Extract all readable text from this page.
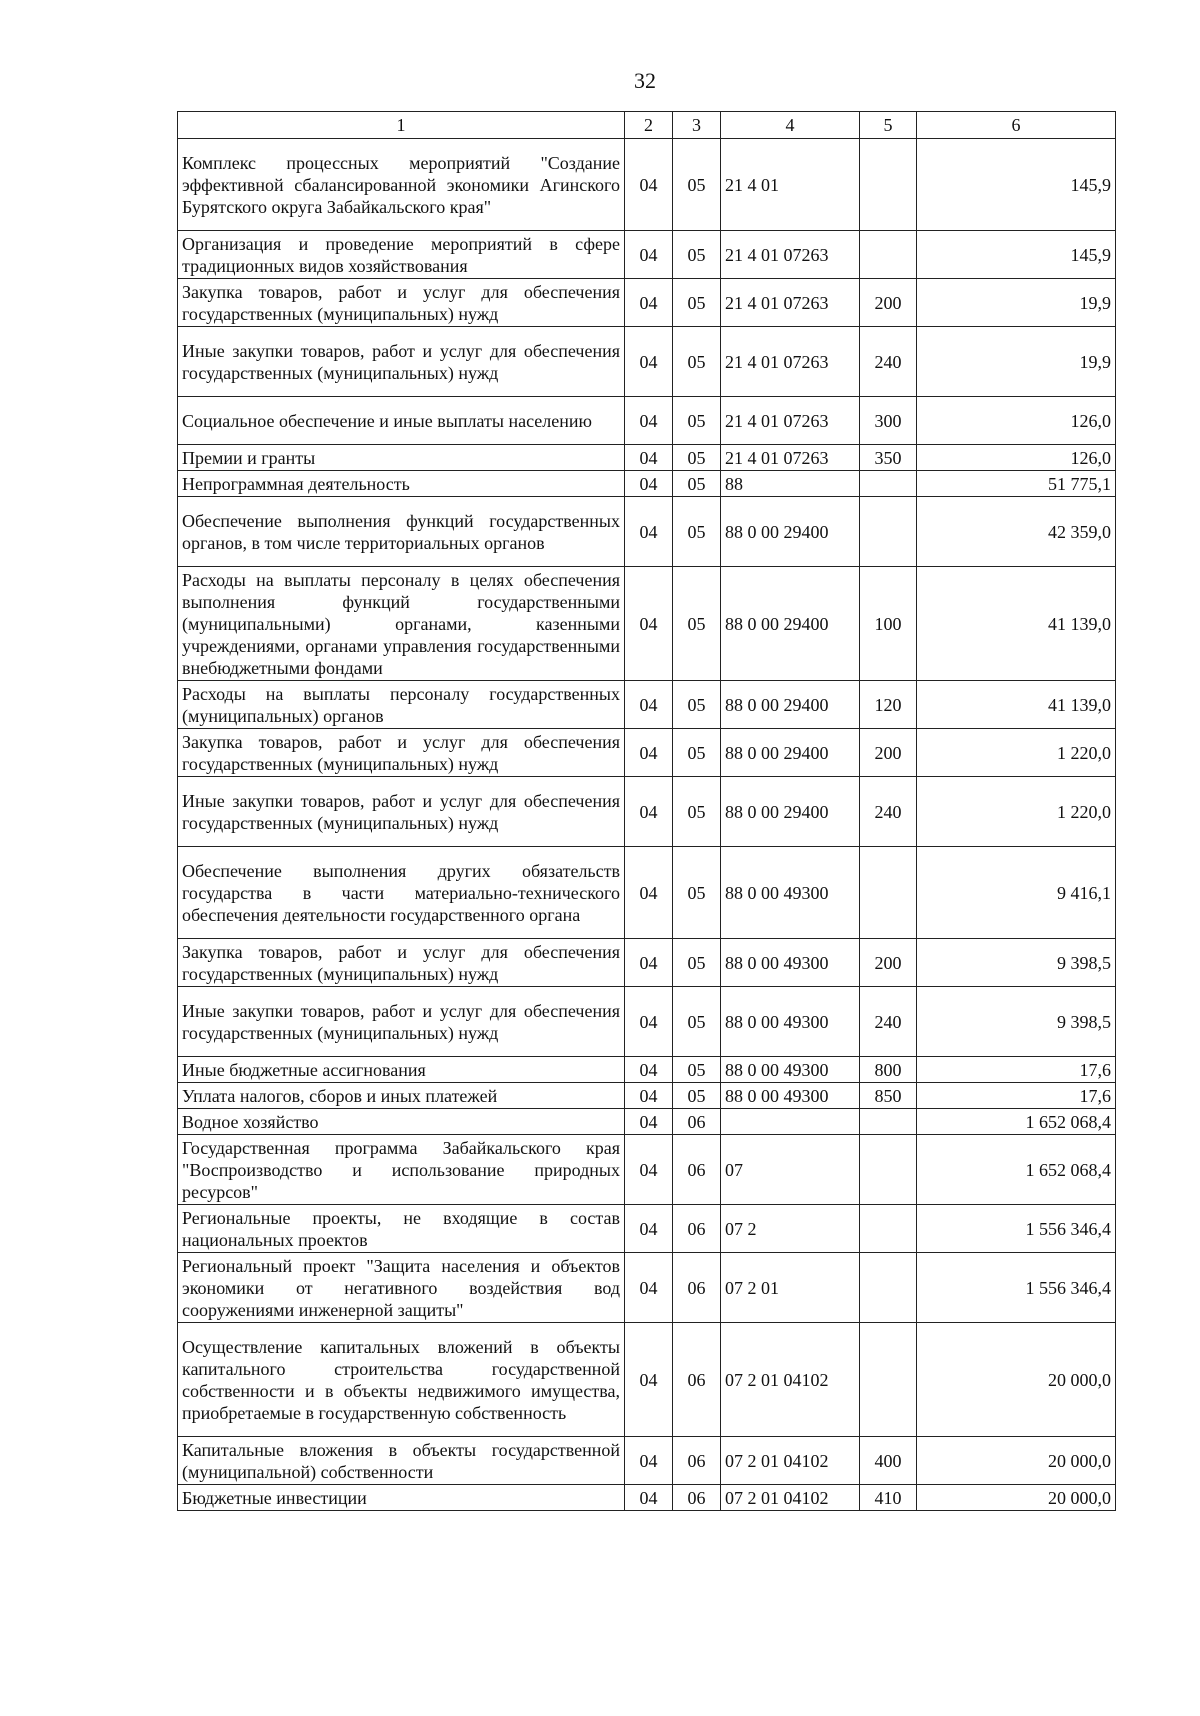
32
1	2	3	4	5	6
Комплекс процессных мероприятий "Создание эффективной сбалансированной экономики Агинского Бурятского округа Забайкальского края"	04	05	21 4 01		145,9
Организация и проведение мероприятий в сфере традиционных видов хозяйствования	04	05	21 4 01 07263		145,9
Закупка товаров, работ и услуг для обеспечения государственных (муниципальных) нужд	04	05	21 4 01 07263	200	19,9
Иные закупки товаров, работ и услуг для обеспечения государственных (муниципальных) нужд	04	05	21 4 01 07263	240	19,9
Социальное обеспечение и иные выплаты населению	04	05	21 4 01 07263	300	126,0
Премии и гранты	04	05	21 4 01 07263	350	126,0
Непрограммная деятельность	04	05	88		51 775,1
Обеспечение выполнения функций государственных органов, в том числе территориальных органов	04	05	88 0 00 29400		42 359,0
Расходы на выплаты персоналу в целях обеспечения выполнения функций государственными (муниципальными) органами, казенными учреждениями, органами управления государственными внебюджетными фондами	04	05	88 0 00 29400	100	41 139,0
Расходы на выплаты персоналу государственных (муниципальных) органов	04	05	88 0 00 29400	120	41 139,0
Закупка товаров, работ и услуг для обеспечения государственных (муниципальных) нужд	04	05	88 0 00 29400	200	1 220,0
Иные закупки товаров, работ и услуг для обеспечения государственных (муниципальных) нужд	04	05	88 0 00 29400	240	1 220,0
Обеспечение выполнения других обязательств государства в части материально-технического обеспечения деятельности государственного органа	04	05	88 0 00 49300		9 416,1
Закупка товаров, работ и услуг для обеспечения государственных (муниципальных) нужд	04	05	88 0 00 49300	200	9 398,5
Иные закупки товаров, работ и услуг для обеспечения государственных (муниципальных) нужд	04	05	88 0 00 49300	240	9 398,5
Иные бюджетные ассигнования	04	05	88 0 00 49300	800	17,6
Уплата налогов, сборов и иных платежей	04	05	88 0 00 49300	850	17,6
Водное хозяйство	04	06			1 652 068,4
Государственная программа Забайкальского края "Воспроизводство и использование природных ресурсов"	04	06	07		1 652 068,4
Региональные проекты, не входящие в состав национальных проектов	04	06	07 2		1 556 346,4
Региональный проект "Защита населения и объектов экономики от негативного воздействия вод сооружениями инженерной защиты"	04	06	07 2 01		1 556 346,4
Осуществление капитальных вложений в объекты капитального строительства государственной собственности и в объекты недвижимого имущества, приобретаемые в государственную собственность	04	06	07 2 01 04102		20 000,0
Капитальные вложения в объекты государственной (муниципальной) собственности	04	06	07 2 01 04102	400	20 000,0
Бюджетные инвестиции	04	06	07 2 01 04102	410	20 000,0
